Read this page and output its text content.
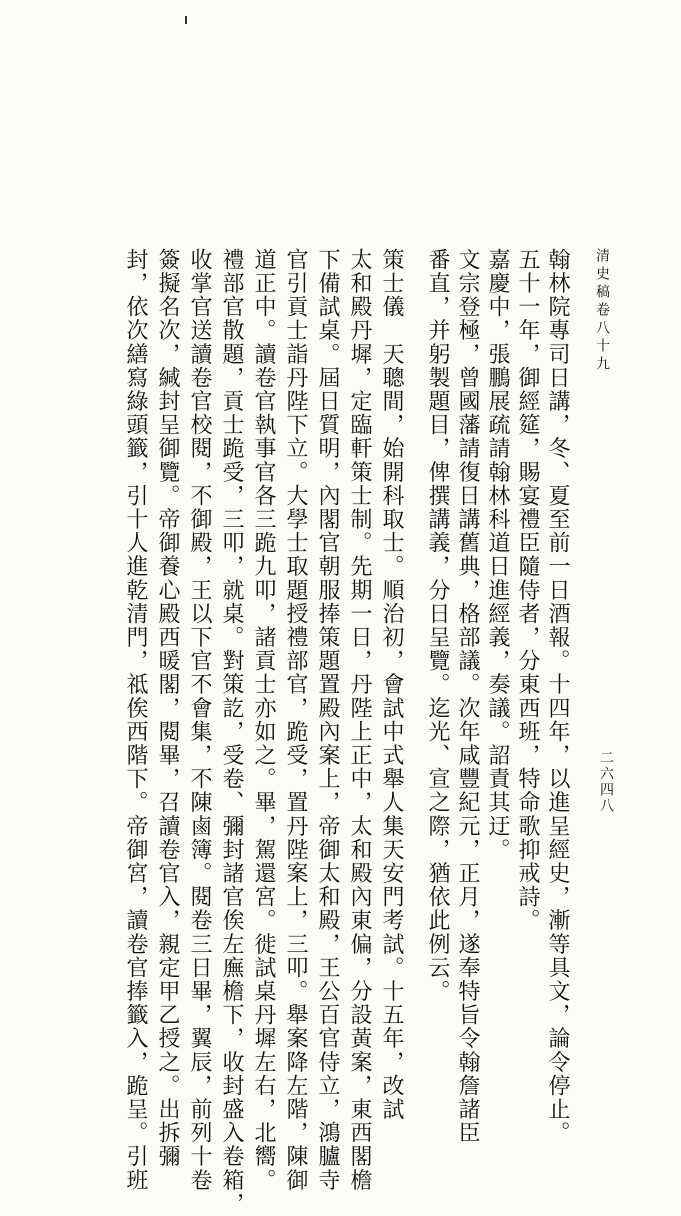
清史稿卷八十九
翰林院專司日講，冬、夏至前一日酒報。十四年，以進呈經史，漸等具文，論令停止。
五十一年，御經筵，賜宴禮臣隨侍者，分東西班，特命歌抑戒詩。
嘉慶中，張鵬展疏請翰林科道日進經義，奏議。詔責其迂。
文宗登極，曾國藩請復日講舊典，格部議。次年咸豐紀元，正月，遂奉特旨令翰詹諸臣
番直，并躬製題目，俾撰講義，分日呈覽。迄光、宣之際，猶依此例云。
策士儀　天聰間，始開科取士。順治初，會試中式舉人集天安門考試。十五年，改試
太和殿丹墀，定臨軒策士制。先期一日，丹陛上正中，太和殿內東偏，分設黃案，東西閣檐
下備試桌。屆日質明，內閣官朝服捧策題置殿內案上，帝御太和殿，王公百官侍立，鴻臚寺
官引貢士詣丹陛下立。大學士取題授禮部官，跪受，置丹陛案上，三叩。舉案降左階，陳御
道正中。讀卷官執事官各三跪九叩，諸貢士亦如之。畢，駕還宮。徙試桌丹墀左右，北嚮。
禮部官散題，貢士跪受，三叩，就桌。對策訖，受卷、彌封諸官俟左廡檐下，收封盛入卷箱，
收掌官送讀卷官校閱，不御殿，王以下官不會集，不陳鹵簿。閱卷三日畢，翼辰，前列十卷
簽擬名次，緘封呈御覽。帝御養心殿西暖閣，閱畢，召讀卷官入，親定甲乙授之。出拆彌
封，依次繕寫綠頭籤，引十人進乾清門，祗俟西階下。帝御宮，讀卷官捧籤入，跪呈。引班	二六四八
